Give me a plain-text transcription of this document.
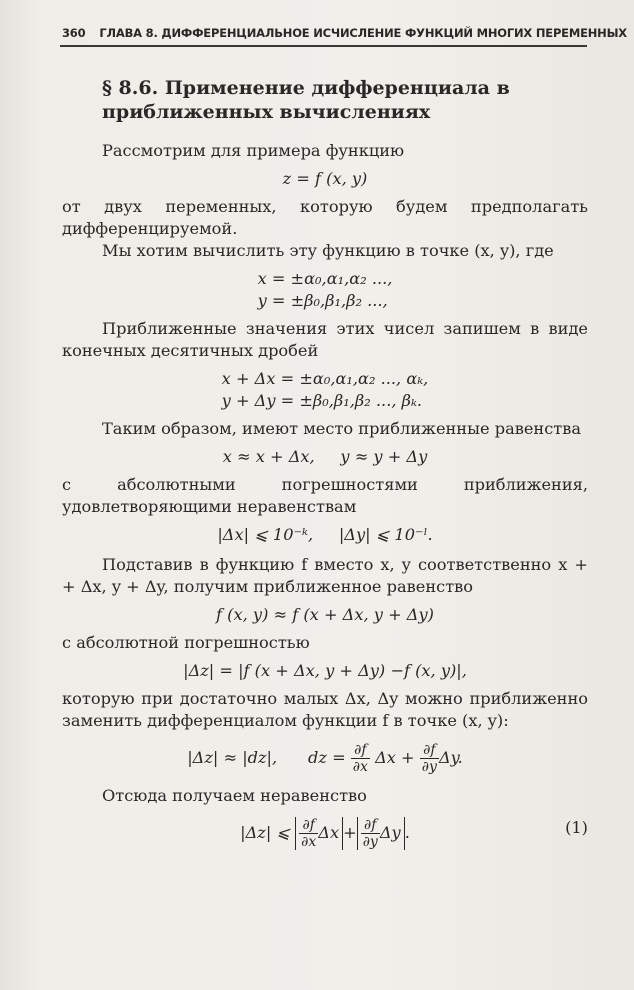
360 ГЛАВА 8. ДИФФЕРЕНЦИАЛЬНОЕ ИСЧИСЛЕНИЕ ФУНКЦИЙ МНОГИХ ПЕРЕМЕННЫХ
§ 8.6. Применение дифференциала в приближенных вычислениях

Рассмотрим для примера функцию

z = f (x, y)

от двух переменных, которую будем предполагать дифференцируемой.

Мы хотим вычислить эту функцию в точке (x, y), где

x = ±α₀,α₁,α₂ ...,
y = ±β₀,β₁,β₂ ...,

Приближенные значения этих чисел запишем в виде конечных десятичных дробей

x + Δx = ±α₀,α₁,α₂ ..., αₖ,
y + Δy = ±β₀,β₁,β₂ ..., βₖ.

Таким образом, имеют место приближенные равенства

x ≈ x + Δx,     y ≈ y + Δy

с абсолютными погрешностями приближения, удовлетворяющими неравенствам

|Δx| ⩽ 10⁻ᵏ,     |Δy| ⩽ 10⁻ˡ.

Подставив в функцию f вместо x, y соответственно x + + Δx, y + Δy, получим приближенное равенство

f (x, y) ≈ f (x + Δx, y + Δy)

с абсолютной погрешностью

|Δz| = |f (x + Δx, y + Δy) −f (x, y)|,

которую при достаточно малых Δx, Δy можно приближенно заменить дифференциалом функции f в точке (x, y):

|Δz| ≈ |dz|, dz = $\frac{\partial f}{\partial x}$ $\Delta x + \frac{\partial f}{\partial y} \Delta y$.

Отсюда получаем неравенство

|Δz| ⩽ $\frac{\partial f}{\partial x}$ $\Delta x + \frac{\partial f}{\partial y}$ Δy .	(1)
